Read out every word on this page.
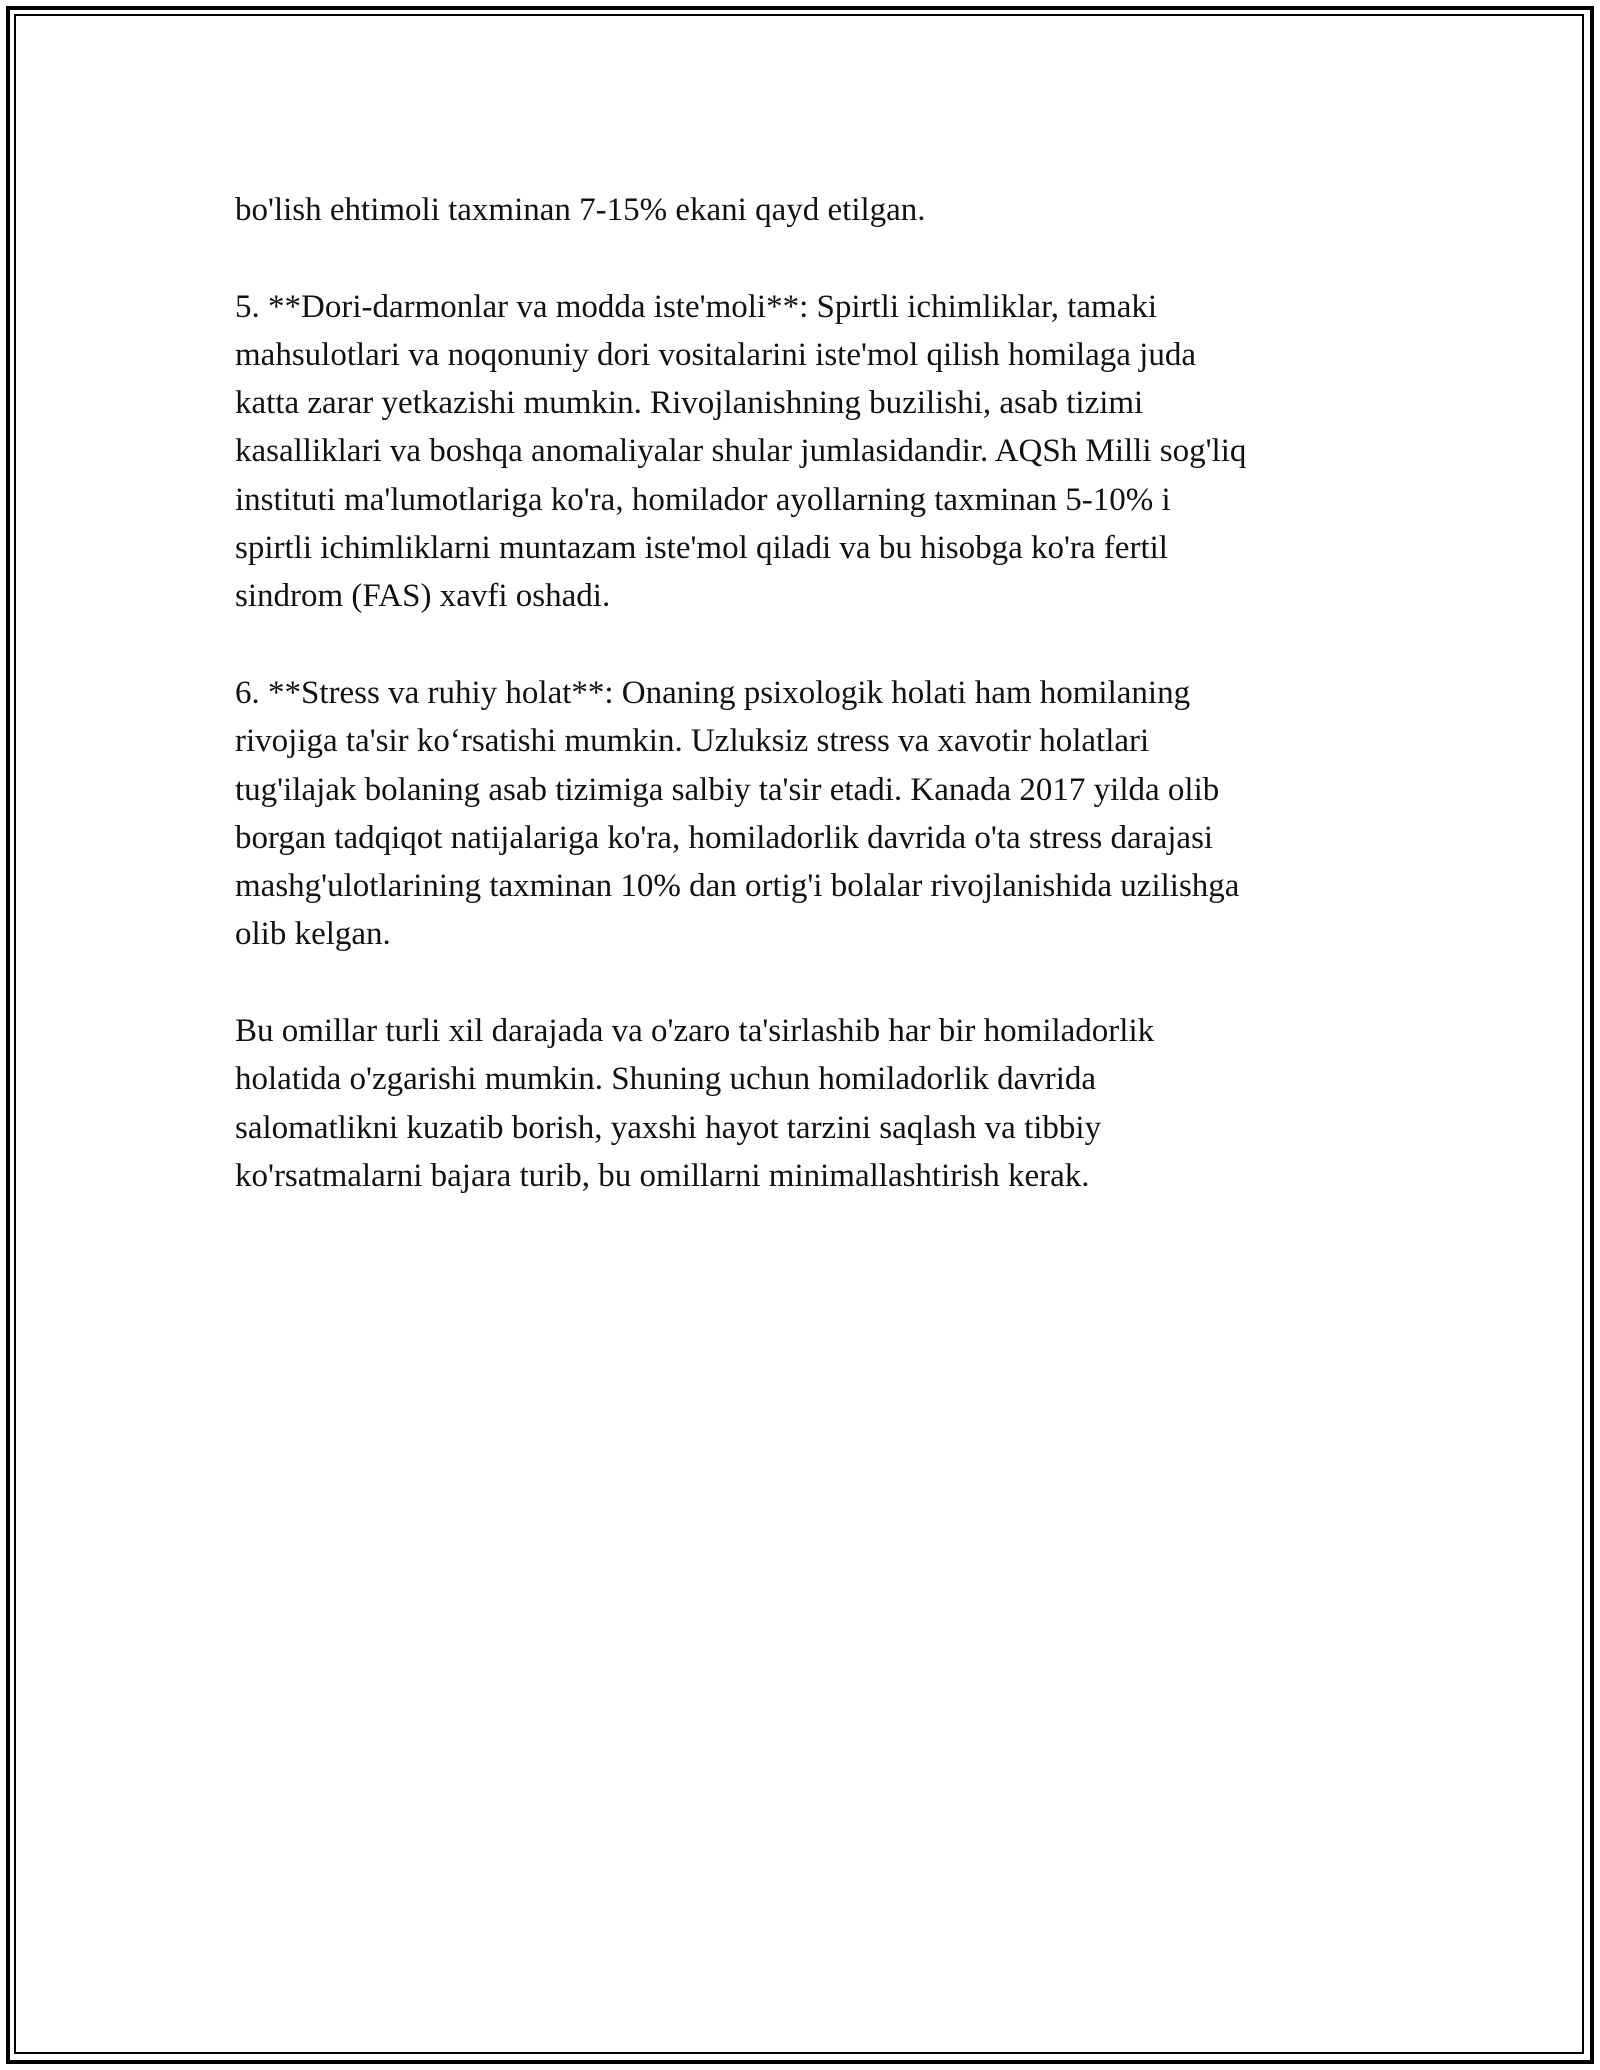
bo'lish ehtimoli taxminan 7-15% ekani qayd etilgan.
5. **Dori-darmonlar va modda iste'moli**: Spirtli ichimliklar, tamaki
mahsulotlari va noqonuniy dori vositalarini iste'mol qilish homilaga juda
katta zarar yetkazishi mumkin. Rivojlanishning buzilishi, asab tizimi
kasalliklari va boshqa anomaliyalar shular jumlasidandir. AQSh Milli sog'liq
instituti ma'lumotlariga ko'ra, homilador ayollarning taxminan 5-10% i
spirtli ichimliklarni muntazam iste'mol qiladi va bu hisobga ko'ra fertil
sindrom (FAS) xavfi oshadi.
6. **Stress va ruhiy holat**: Onaning psixologik holati ham homilaning
rivojiga ta'sir ko‘rsatishi mumkin. Uzluksiz stress va xavotir holatlari
tug'ilajak bolaning asab tizimiga salbiy ta'sir etadi. Kanada 2017 yilda olib
borgan tadqiqot natijalariga ko'ra, homiladorlik davrida o'ta stress darajasi
mashg'ulotlarining taxminan 10% dan ortig'i bolalar rivojlanishida uzilishga
olib kelgan.
Bu omillar turli xil darajada va o'zaro ta'sirlashib har bir homiladorlik
holatida o'zgarishi mumkin. Shuning uchun homiladorlik davrida
salomatlikni kuzatib borish, yaxshi hayot tarzini saqlash va tibbiy
ko'rsatmalarni bajara turib, bu omillarni minimallashtirish kerak.
